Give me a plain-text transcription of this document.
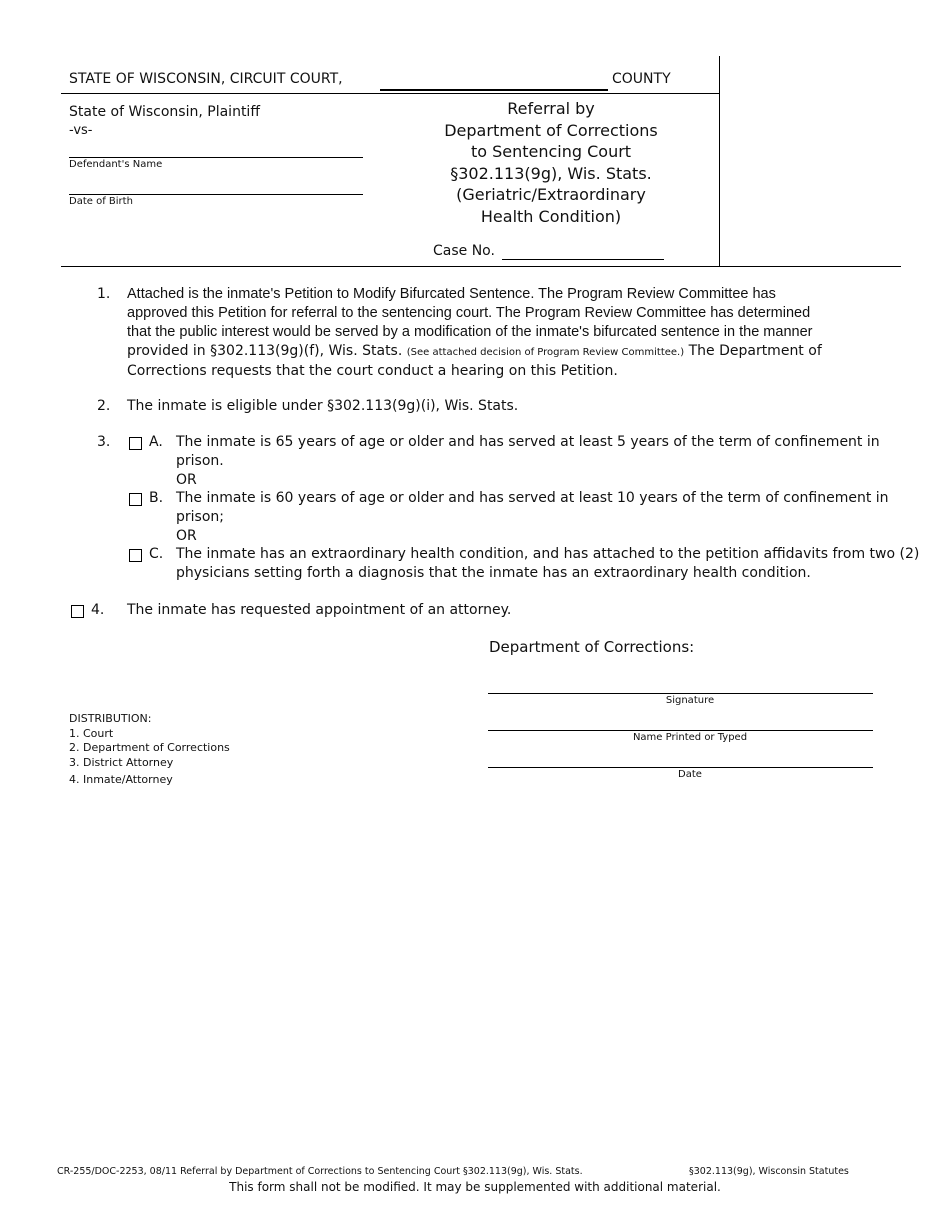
STATE OF WISCONSIN, CIRCUIT COURT,	COUNTY
State of Wisconsin, Plaintiff
-vs-
Defendant's Name
Date of Birth
Referral by
Department of Corrections
to Sentencing Court
§302.113(9g), Wis. Stats.
(Geriatric/Extraordinary
Health Condition)
Case No.
1. Attached is the inmate's Petition to Modify Bifurcated Sentence. The Program Review Committee has
approved this Petition for referral to the sentencing court. The Program Review Committee has determined
that the public interest would be served by a modification of the inmate's bifurcated sentence in the manner
provided in §302.113(9g)(f), Wis. Stats. (See attached decision of Program Review Committee.) The Department of
Corrections requests that the court conduct a hearing on this Petition.
2. The inmate is eligible under §302.113(9g)(i), Wis. Stats.
3.	A. The inmate is 65 years of age or older and has served at least 5 years of the term of confinement in
prison.
OR
B. The inmate is 60 years of age or older and has served at least 10 years of the term of confinement in
prison;
OR
C. The inmate has an extraordinary health condition, and has attached to the petition affidavits from two (2)
physicians setting forth a diagnosis that the inmate has an extraordinary health condition.
4. The inmate has requested appointment of an attorney.
Department of Corrections:
Signature
Name Printed or Typed
Date
DISTRIBUTION:
1. Court
2. Department of Corrections
3. District Attorney
4. Inmate/Attorney
CR-255/DOC-2253, 08/11 Referral by Department of Corrections to Sentencing Court §302.113(9g), Wis. Stats.	§302.113(9g), Wisconsin Statutes
This form shall not be modified. It may be supplemented with additional material.
